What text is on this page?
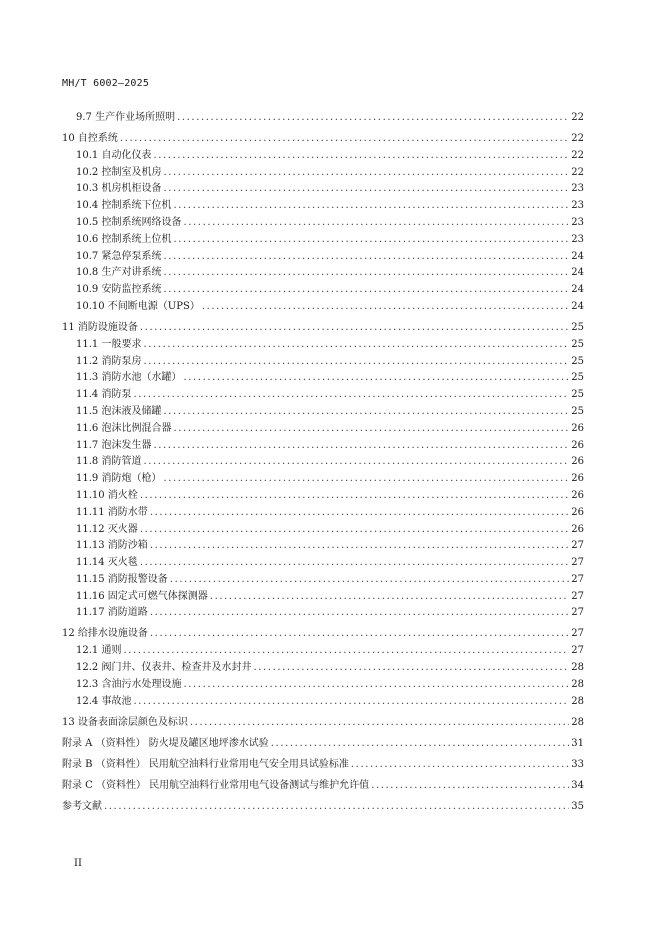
MH/T 6002—2025
9.7 生产作业场所照明 .....	22
10 自控系统 .....	22
10.1 自动化仪表 .....	22
10.2 控制室及机房 .....	22
10.3 机房机柜设备 .....	23
10.4 控制系统下位机 .....	23
10.5 控制系统网络设备 .....	23
10.6 控制系统上位机 .....	23
10.7 紧急停泵系统 .....	24
10.8 生产对讲系统 .....	24
10.9 安防监控系统 .....	24
10.10 不间断电源（UPS） .....	24
11 消防设施设备 .....	25
11.1 一般要求 .....	25
11.2 消防泵房 .....	25
11.3 消防水池（水罐） .....	25
11.4 消防泵 .....	25
11.5 泡沫液及储罐 .....	25
11.6 泡沫比例混合器 .....	26
11.7 泡沫发生器 .....	26
11.8 消防管道 .....	26
11.9 消防炮（枪） .....	26
11.10 消火栓 .....	26
11.11 消防水带 .....	26
11.12 灭火器 .....	26
11.13 消防沙箱 .....	27
11.14 灭火毯 .....	27
11.15 消防报警设备 .....	27
11.16 固定式可燃气体探测器 .....	27
11.17 消防道路 .....	27
12 给排水设施设备 .....	27
12.1 通则 .....	27
12.2 阀门井、仪表井、检查井及水封井 .....	28
12.3 含油污水处理设施 .....	28
12.4 事故池 .....	28
13 设备表面涂层颜色及标识 .....	28
附录 A （资料性） 防火堤及罐区地坪渗水试验 .....	31
附录 B （资料性） 民用航空油料行业常用电气安全用具试验标准 .....	33
附录 C （资料性） 民用航空油料行业常用电气设备测试与维护允许值 .....	34
参考文献 .....	35
II
